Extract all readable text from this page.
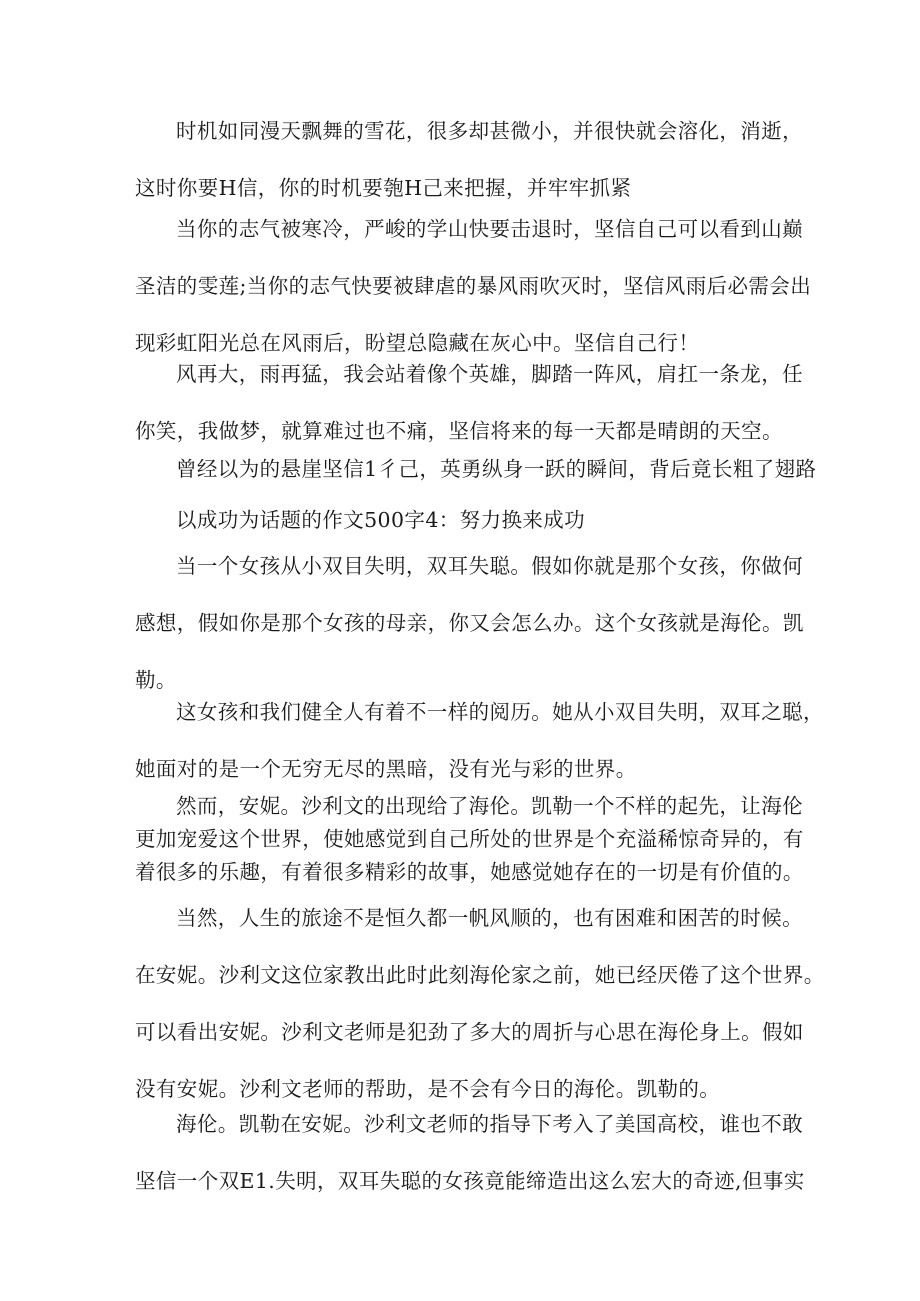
时机如同漫天飘舞的雪花，很多却甚微小，并很快就会溶化，消逝，
这时你要H信，你的时机要匏H己来把握，并牢牢抓紧
当你的志气被寒冷，严峻的学山快要击退时，坚信自己可以看到山巅
圣洁的雯莲;当你的志气快要被肆虐的暴风雨吹灭时，坚信风雨后必需会出
现彩虹阳光总在风雨后，盼望总隐藏在灰心中。坚信自己行！
风再大，雨再猛，我会站着像个英雄，脚踏一阵风，肩扛一条龙，任
你笑，我做梦，就算难过也不痛，坚信将来的每一天都是晴朗的天空。
曾经以为的悬崖坚信1彳己，英勇纵身一跃的瞬间，背后竟长粗了翅路
以成功为话题的作文500字4：努力换来成功
当一个女孩从小双目失明，双耳失聪。假如你就是那个女孩，你做何
感想，假如你是那个女孩的母亲，你又会怎么办。这个女孩就是海伦。凯
勒。
这女孩和我们健全人有着不一样的阅历。她从小双目失明，双耳之聪，
她面对的是一个无穷无尽的黑暗，没有光与彩的世界。
然而，安妮。沙利文的出现给了海伦。凯勒一个不样的起先，让海伦
更加宠爱这个世界，使她感觉到自己所处的世界是个充溢稀惊奇异的，有
着很多的乐趣，有着很多精彩的故事，她感觉她存在的一切是有价值的。
当然，人生的旅途不是恒久都一帆风顺的，也有困难和困苦的时候。
在安妮。沙利文这位家教出此时此刻海伦家之前，她已经厌倦了这个世界。
可以看出安妮。沙利文老师是犯劲了多大的周折与心思在海伦身上。假如
没有安妮。沙利文老师的帮助，是不会有今日的海伦。凯勒的。
海伦。凯勒在安妮。沙利文老师的指导下考入了美国高校，谁也不敢
坚信一个双E1.失明，双耳失聪的女孩竟能缔造出这么宏大的奇迹,但事实
